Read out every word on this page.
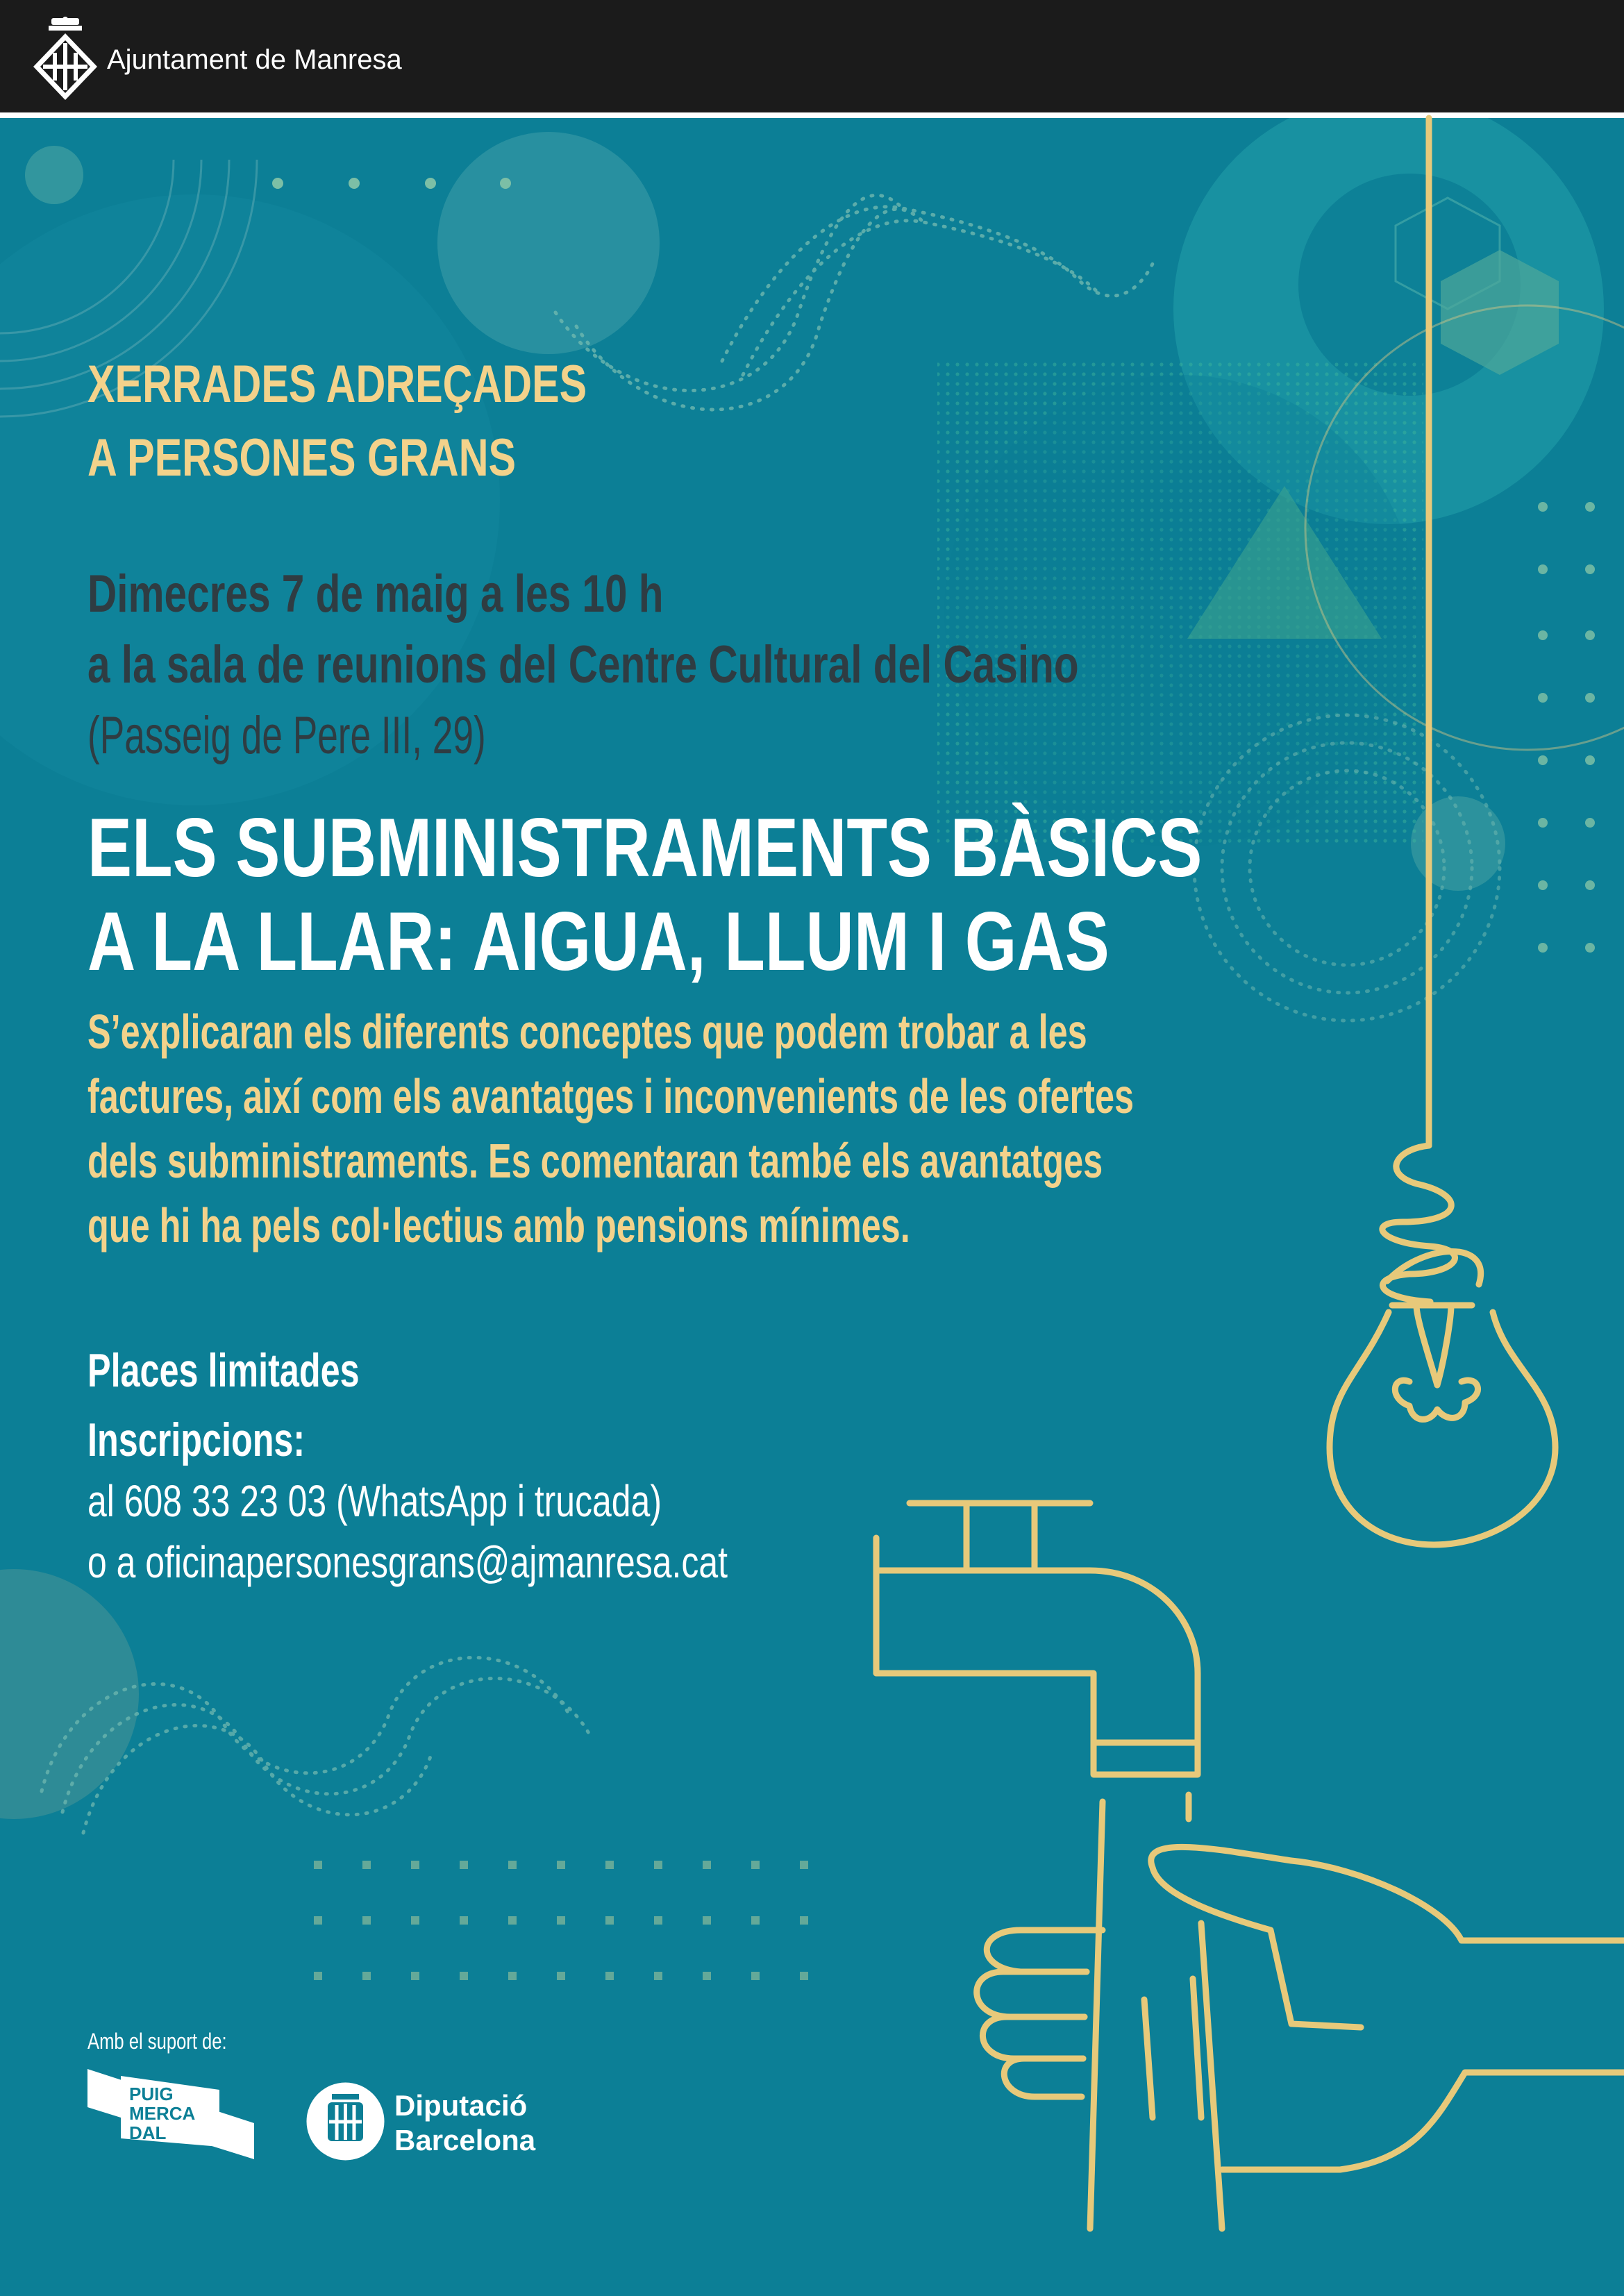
Ajuntament de Manresa
XERRADES ADREÇADES
A PERSONES GRANS
Dimecres 7 de maig a les 10 h
a la sala de reunions del Centre Cultural del Casino
(Passeig de Pere III, 29)
ELS SUBMINISTRAMENTS BÀSICS
A LA LLAR: AIGUA, LLUM I GAS
S’explicaran els diferents conceptes que podem trobar a les
factures, així com els avantatges i inconvenients de les ofertes
dels subministraments. Es comentaran també els avantatges
que hi ha pels col·lectius amb pensions mínimes.
Places limitades
Inscripcions:
al 608 33 23 03 (WhatsApp i trucada)
o a oficinapersonesgrans@ajmanresa.cat
Amb el suport de:
PUIG
MERCA
DAL
Diputació
Barcelona
